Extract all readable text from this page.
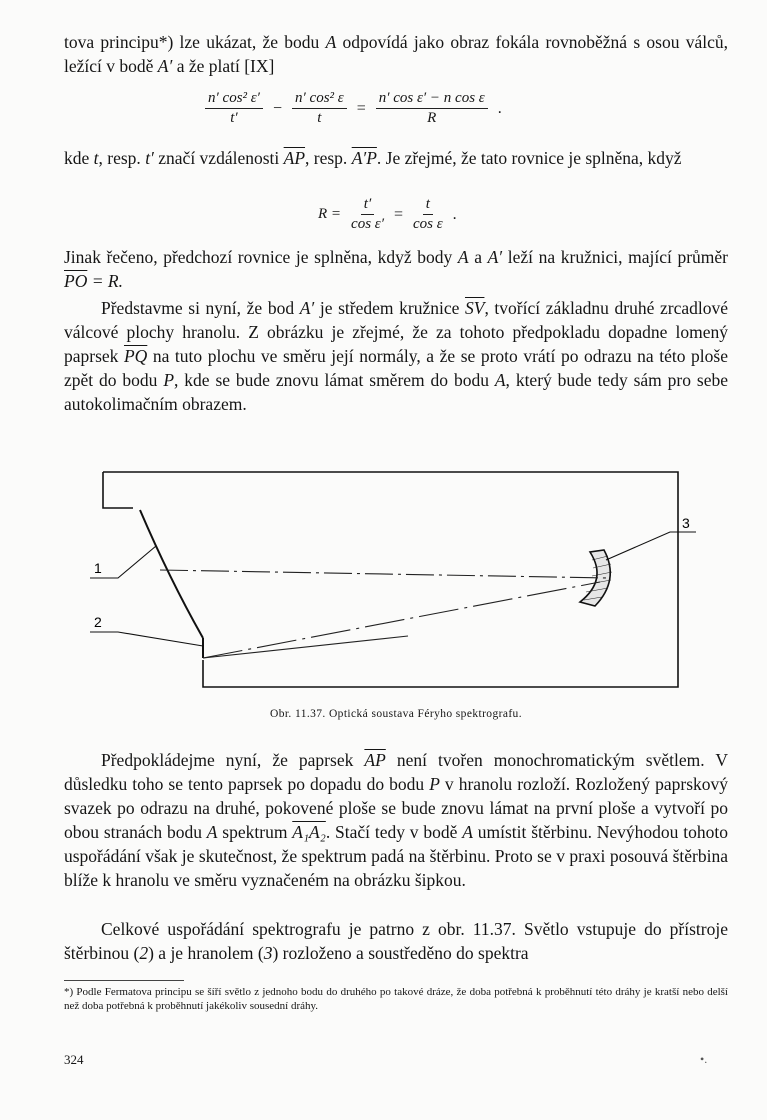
tova principu*) lze ukázat, že bodu A odpovídá jako obraz fokála rovnoběžná s osou válců, ležící v bodě A′ a že platí [IX]

$\frac{\text{n′ cos² ε′}}{t'} - \frac{\text{n′ cos² ε}}{t} = \frac{\text{n′ cos ε′ − n cos ε}}{R}$ .

kde t, resp. t′ značí vzdálenosti $\overline{AP}$, resp. A′P. Je zřejmé, že tato rovnice je splněna, když

$R = \frac{t'}{\text{cos ε′}} = \frac{t}{\text{cos ε}}$ .

Jinak řečeno, předchozí rovnice je splněna, když body A a A′ leží na kružnici, mající průměr $\overline{PO} = R$.

Představme si nyní, že bod A′ je středem kružnice $\overline{SV}$, tvořící základnu druhé zrcadlové válcové plochy hranolu. Z obrázku je zřejmé, že za tohoto předpokladu dopadne lomený paprsek $\overline{PQ}$ na tuto plochu ve směru její normály, a že se proto vrátí po odrazu na této ploše zpět do bodu P, kde se bude znovu lámat směrem do bodu A, který bude tedy sám pro sebe autokolimačním obrazem.

1
2
3
Obr. 11.37. Optická soustava Féryho spektrografu.

Předpokládejme nyní, že paprsek $\overline{AP}$ není tvořen monochromatickým světlem. V důsledku toho se tento paprsek po dopadu do bodu P v hranolu rozloží. Rozložený paprskový svazek po odrazu na druhé, pokovené ploše se bude znovu lámat na první ploše a vytvoří po obou stranách bodu A spektrum A₁A₂. Stačí tedy v bodě A umístit štěrbinu. Nevýhodou tohoto uspořádání však je skutečnost, že spektrum padá na štěrbinu. Proto se v praxi posouvá štěrbina blíže k hranolu ve směru vyznačeném na obrázku šipkou.

Celkové uspořádání spektrografu je patrno z obr. 11.37. Světlo vstupuje do přístroje štěrbinou (2) a je hranolem (3) rozloženo a soustředěno do spektra

*) Podle Fermatova principu se šíří světlo z jednoho bodu do druhého po takové dráze, že doba potřebná k proběhnutí této dráhy je kratší nebo delší než doba potřebná k proběhnutí jakékoliv sousední dráhy.

324	•.
